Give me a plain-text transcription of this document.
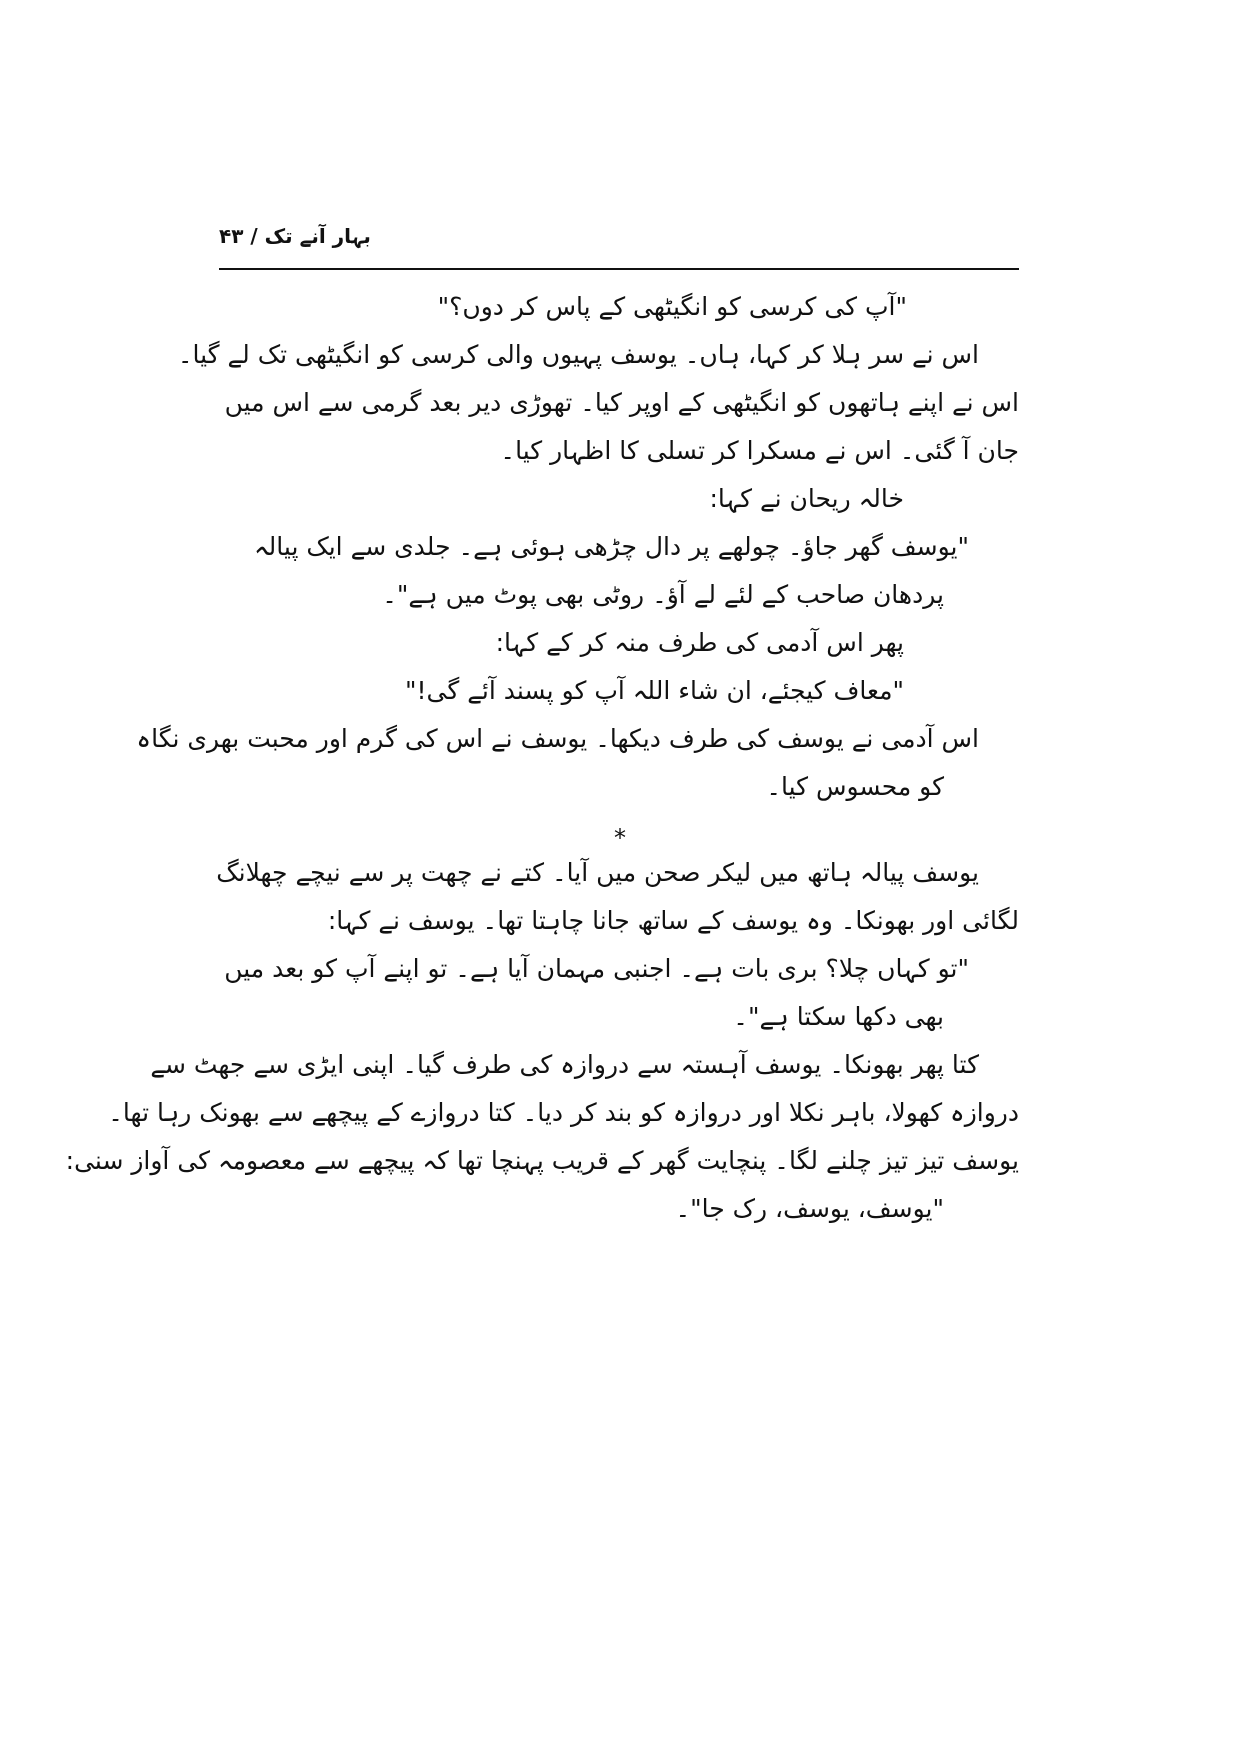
بہار آنے تک / ۴۳
"آپ کی کرسی کو انگیٹھی کے پاس کر دوں؟"
اس نے سر ہلا کر کہا، ہاں۔ یوسف پہیوں والی کرسی کو انگیٹھی تک لے گیا۔
اس نے اپنے ہاتھوں کو انگیٹھی کے اوپر کیا۔ تھوڑی دیر بعد گرمی سے اس میں
جان آ گئی۔ اس نے مسکرا کر تسلی کا اظہار کیا۔
خالہ ریحان نے کہا:
"یوسف گھر جاؤ۔ چولھے پر دال چڑھی ہوئی ہے۔ جلدی سے ایک پیالہ
پردھان صاحب کے لئے لے آؤ۔ روٹی بھی پوٹ میں ہے"۔
پھر اس آدمی کی طرف منہ کر کے کہا:
"معاف کیجئے، ان شاء اللہ آپ کو پسند آئے گی!"
اس آدمی نے یوسف کی طرف دیکھا۔ یوسف نے اس کی گرم اور محبت بھری نگاہ
کو محسوس کیا۔
*
یوسف پیالہ ہاتھ میں لیکر صحن میں آیا۔ کتے نے چھت پر سے نیچے چھلانگ
لگائی اور بھونکا۔ وہ یوسف کے ساتھ جانا چاہتا تھا۔ یوسف نے کہا:
"تو کہاں چلا؟ بری بات ہے۔ اجنبی مہمان آیا ہے۔ تو اپنے آپ کو بعد میں
بھی دکھا سکتا ہے"۔
کتا پھر بھونکا۔ یوسف آہستہ سے دروازہ کی طرف گیا۔ اپنی ایڑی سے جھٹ سے
دروازہ کھولا، باہر نکلا اور دروازہ کو بند کر دیا۔ کتا دروازے کے پیچھے سے بھونک رہا تھا۔
یوسف تیز تیز چلنے لگا۔ پنچایت گھر کے قریب پہنچا تھا کہ پیچھے سے معصومہ کی آواز سنی:
"یوسف، یوسف، رک جا"۔
